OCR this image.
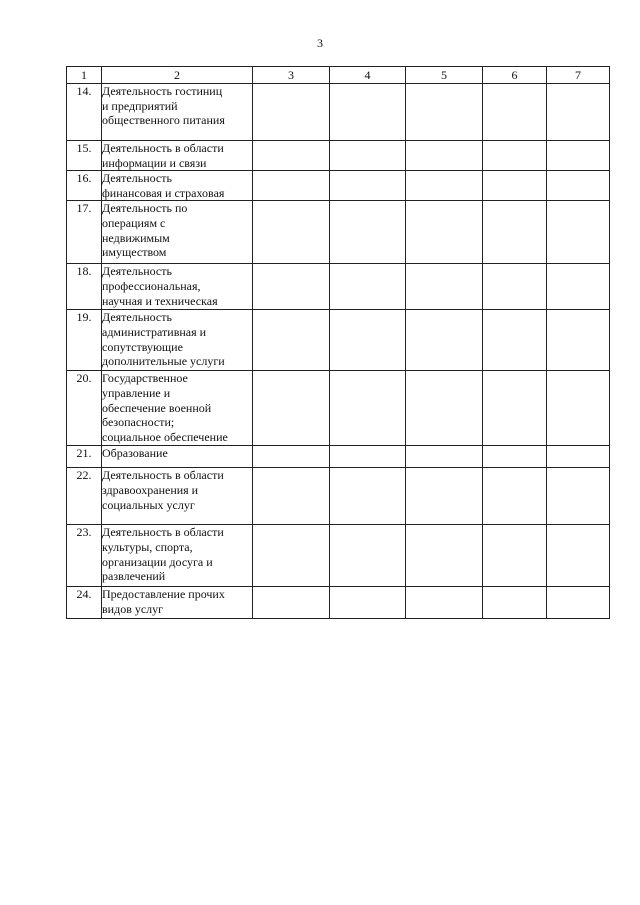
3
1	2	3	4	5	6	7
14.	Деятельность гостиниц
и предприятий
общественного питания					
15.	Деятельность в области
информации и связи					
16.	Деятельность
финансовая и страховая					
17.	Деятельность по
операциям с
недвижимым
имуществом					
18.	Деятельность
профессиональная,
научная и техническая					
19.	Деятельность
административная и
сопутствующие
дополнительные услуги					
20.	Государственное
управление и
обеспечение военной
безопасности;
социальное обеспечение					
21.	Образование					
22.	Деятельность в области
здравоохранения и
социальных услуг					
23.	Деятельность в области
культуры, спорта,
организации досуга и
развлечений					
24.	Предоставление прочих
видов услуг					
